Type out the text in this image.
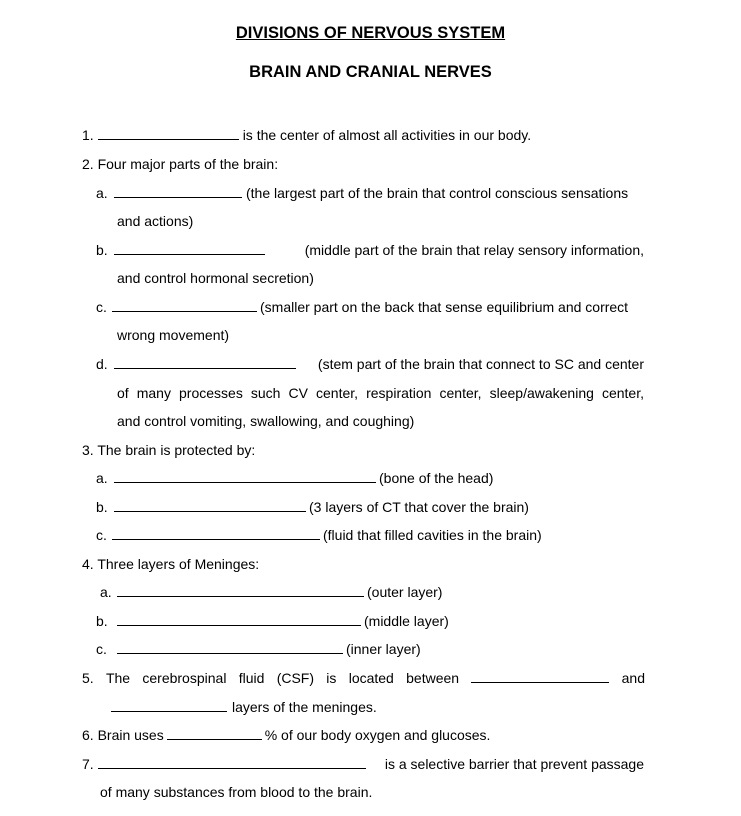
DIVISIONS OF NERVOUS SYSTEM
BRAIN AND CRANIAL NERVES
1.	is the center of almost all activities in our body.
2. Four major parts of the brain:
a.	(the largest part of the brain that control conscious sensations
and actions)
b.	(middle part of the brain that relay sensory information,
and control hormonal secretion)
c.	(smaller part on the back that sense equilibrium and correct
wrong movement)
d.	(stem part of the brain that connect to SC and center
of many processes such CV center, respiration center, sleep/awakening center,
and control vomiting, swallowing, and coughing)
3. The brain is protected by:
a.	(bone of the head)
b.	(3 layers of CT that cover the brain)
c.	(fluid that filled cavities in the brain)
4. Three layers of Meninges:
a.	(outer layer)
b.	(middle layer)
c.	(inner layer)
5. The cerebrospinal fluid (CSF) is located between	and
layers of the meninges.
6. Brain uses	% of our body oxygen and glucoses.
7.	is a selective barrier that prevent passage
of many substances from blood to the brain.
